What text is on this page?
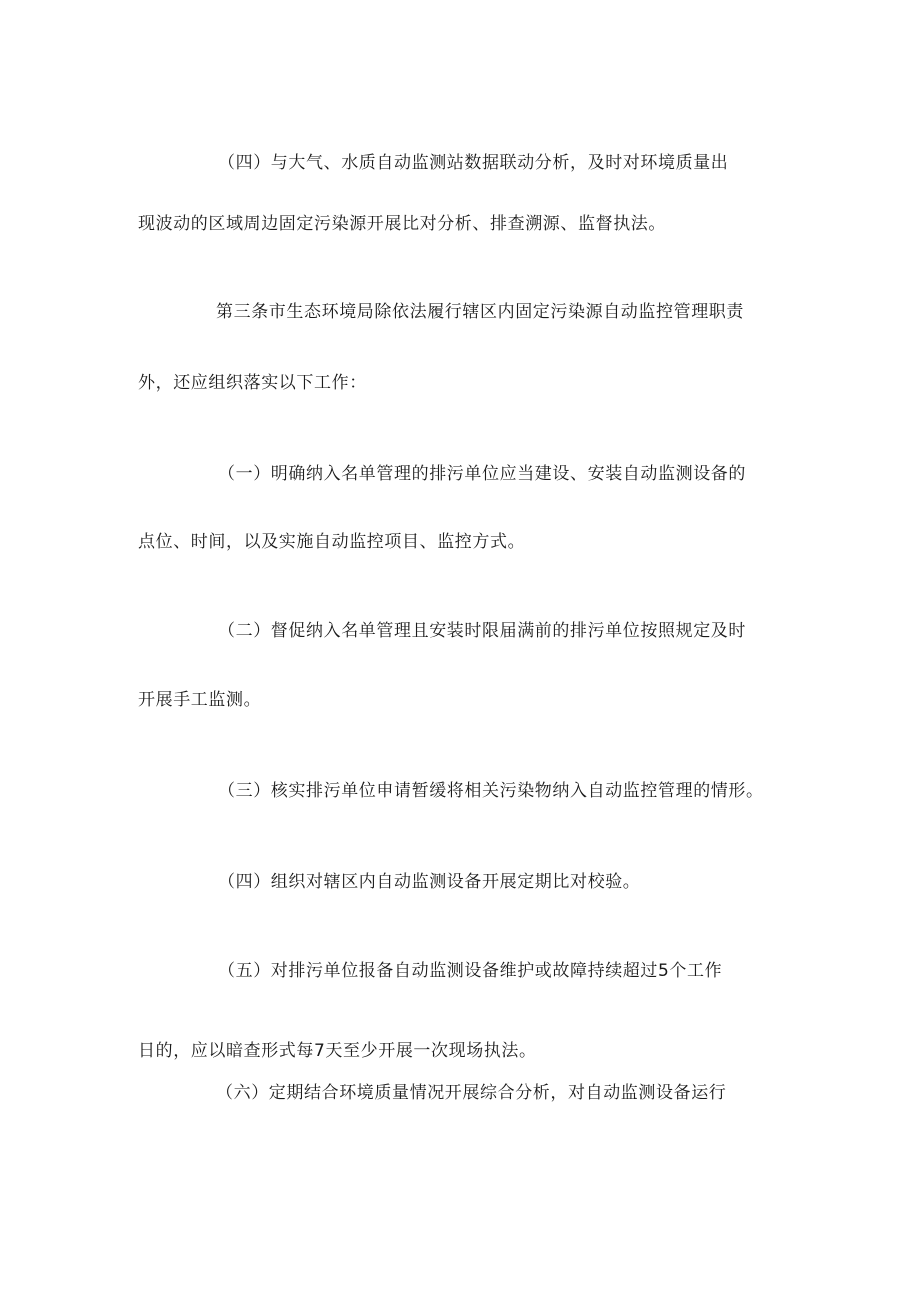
（四）与大气、水质自动监测站数据联动分析，及时对环境质量出

现波动的区域周边固定污染源开展比对分析、排查溯源、监督执法。

第三条市生态环境局除依法履行辖区内固定污染源自动监控管理职责

外，还应组织落实以下工作：

（一）明确纳入名单管理的排污单位应当建设、安装自动监测设备的

点位、时间，以及实施自动监控项目、监控方式。

（二）督促纳入名单管理且安装时限届满前的排污单位按照规定及时

开展手工监测。

（三）核实排污单位申请暂缓将相关污染物纳入自动监控管理的情形。

（四）组织对辖区内自动监测设备开展定期比对校验。

（五）对排污单位报备自动监测设备维护或故障持续超过5个工作

日的，应以暗查形式每7天至少开展一次现场执法。

（六）定期结合环境质量情况开展综合分析，对自动监测设备运行
